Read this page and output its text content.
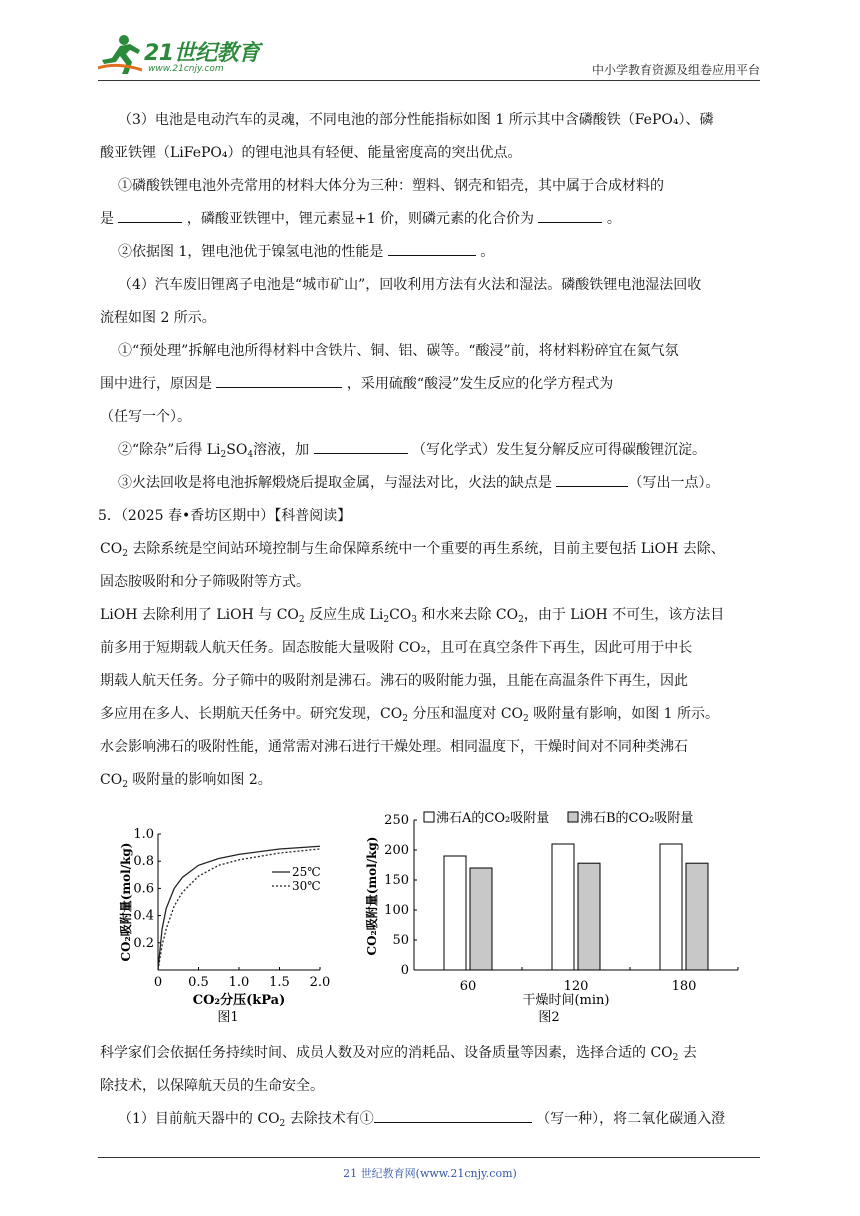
21世纪教育
www.21cnjy.com	中小学教育资源及组卷应用平台
（3）电池是电动汽车的灵魂，不同电池的部分性能指标如图 1 所示其中含磷酸铁（FePO₄）、磷
酸亚铁锂（LiFePO₄）的锂电池具有轻便、能量密度高的突出优点。
①磷酸铁锂电池外壳常用的材料大体分为三种：塑料、钢壳和铝壳，其中属于合成材料的
是	，磷酸亚铁锂中，锂元素显+1 价，则磷元素的化合价为	。
②依据图 1，锂电池优于镍氢电池的性能是	。
（4）汽车废旧锂离子电池是“城市矿山”，回收利用方法有火法和湿法。磷酸铁锂电池湿法回收
流程如图 2 所示。
①“预处理”拆解电池所得材料中含铁片、铜、铝、碳等。“酸浸”前，将材料粉碎宜在氮气氛
围中进行，原因是	，采用硫酸“酸浸”发生反应的化学方程式为
（任写一个）。
②“除杂”后得 $Li_2SO_4$溶液，加	（写化学式）发生复分解反应可得碳酸锂沉淀。
③火法回收是将电池拆解煅烧后提取金属，与湿法对比，火法的缺点是	（写出一点）。
5．（2025 春•香坊区期中）【科普阅读】
$CO_2$ 去除系统是空间站环境控制与生命保障系统中一个重要的再生系统，目前主要包括 LiOH 去除、
固态胺吸附和分子筛吸附等方式。
LiOH 去除利用了 LiOH 与 $CO_2$ 反应生成 $Li_2CO_3$ 和水来去除 $CO_2$，由于 LiOH 不可生，该方法目
前多用于短期载人航天任务。固态胺能大量吸附 CO₂，且可在真空条件下再生，因此可用于中长
期载人航天任务。分子筛中的吸附剂是沸石。沸石的吸附能力强，且能在高温条件下再生，因此
多应用在多人、长期航天任务中。研究发现，$CO_2$ 分压和温度对 $CO_2$ 吸附量有影响，如图 1 所示。
水会影响沸石的吸附性能，通常需对沸石进行干燥处理。相同温度下，干燥时间对不同种类沸石
$CO_2$ 吸附量的影响如图 2。
0 0.5 1.0 1.5 2.0
0.2
0.4
0.6
0.8
1.0
25℃
30℃
CO₂分压(kPa)
CO₂吸附量(mol/kg)
图1
0
50
100
150
200
250
60	120	180
沸石A的CO₂吸附量 沸石B的CO₂吸附量
干燥时间(min)
CO₂吸附量(mol/kg)
图2
科学家们会依据任务持续时间、成员人数及对应的消耗品、设备质量等因素，选择合适的 $CO_2$ 去
除技术，以保障航天员的生命安全。
（1）目前航天器中的 $CO_2$ 去除技术有①	（写一种），将二氧化碳通入澄
21 世纪教育网(www.21cnjy.com)
